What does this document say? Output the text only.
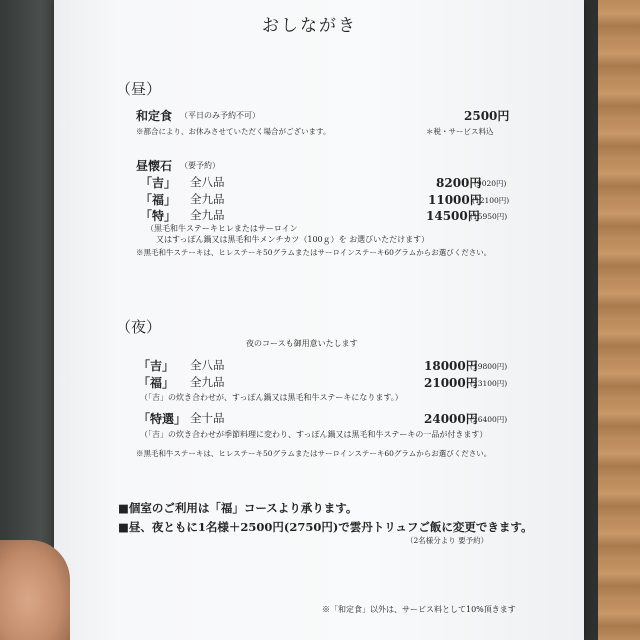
おしながき
（昼）
和定食 （平日のみ予約不可）	2500円
※都合により、お休みさせていただく場合がございます。	＊税・サービス料込
昼懐石 （要予約）
「吉」 全八品	8200円
(9020円)
「福」 全九品	11000円
(12100円)
「特」 全九品	14500円
(15950円)
（黒毛和牛ステーキヒレまたはサーロイン
又はすっぽん鍋又は黒毛和牛メンチカツ（100ｇ）を お選びいただけます）
※黒毛和牛ステーキは、ヒレステーキ50グラムまたはサーロインステーキ60グラムからお選びください。
（夜）
夜のコースも御用意いたします
「吉」 全八品	18000円
(19800円)
「福」 全九品	21000円
(23100円)
（「吉」の炊き合わせが、すっぽん鍋又は黒毛和牛ステーキになります。）
「特選」 全十品	24000円
(26400円)
（「吉」の炊き合わせが季節料理に変わり、すっぽん鍋又は黒毛和牛ステーキの一品が付きます）
※黒毛和牛ステーキは、ヒレステーキ50グラムまたはサーロインステーキ60グラムからお選びください。
■個室のご利用は「福」コースより承ります。
■昼、夜ともに1名様＋2500円(2750円)で雲丹トリュフご飯に変更できます。
（2名様分より 要予約）
※「和定食」以外は、サービス料として10%頂きます
